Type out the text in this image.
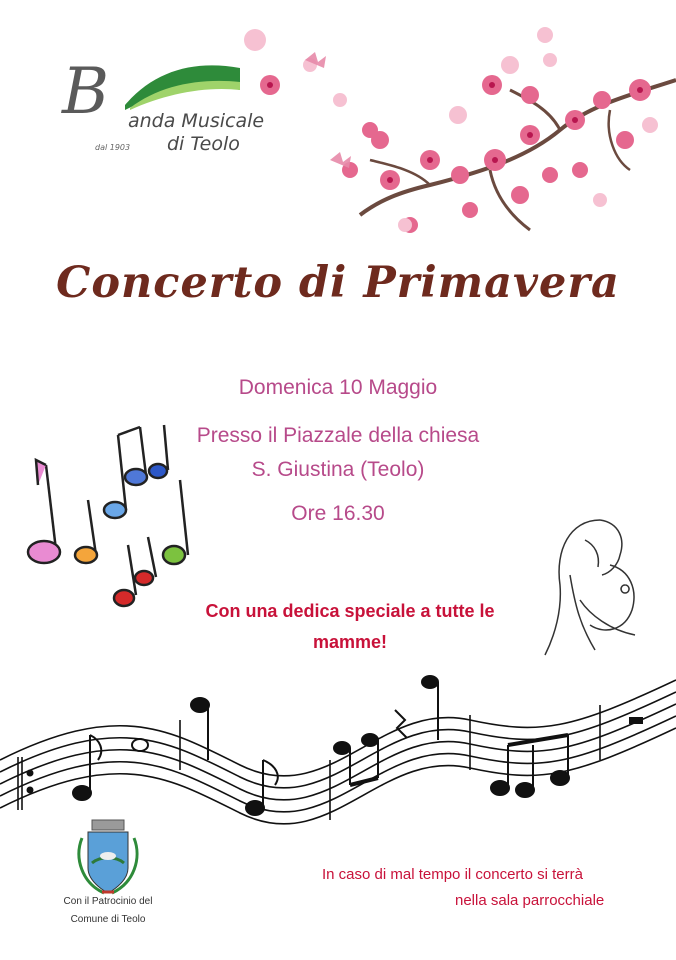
B anda Musicale
di Teolo
dal 1903
Concerto di Primavera
Domenica 10 Maggio
Presso il Piazzale della chiesa
S. Giustina (Teolo)
Ore 16.30
Con una dedica speciale a tutte le
mamme!
Con il Patrocinio del
Comune di Teolo
In caso di mal tempo il concerto si terrà
nella sala parrocchiale
